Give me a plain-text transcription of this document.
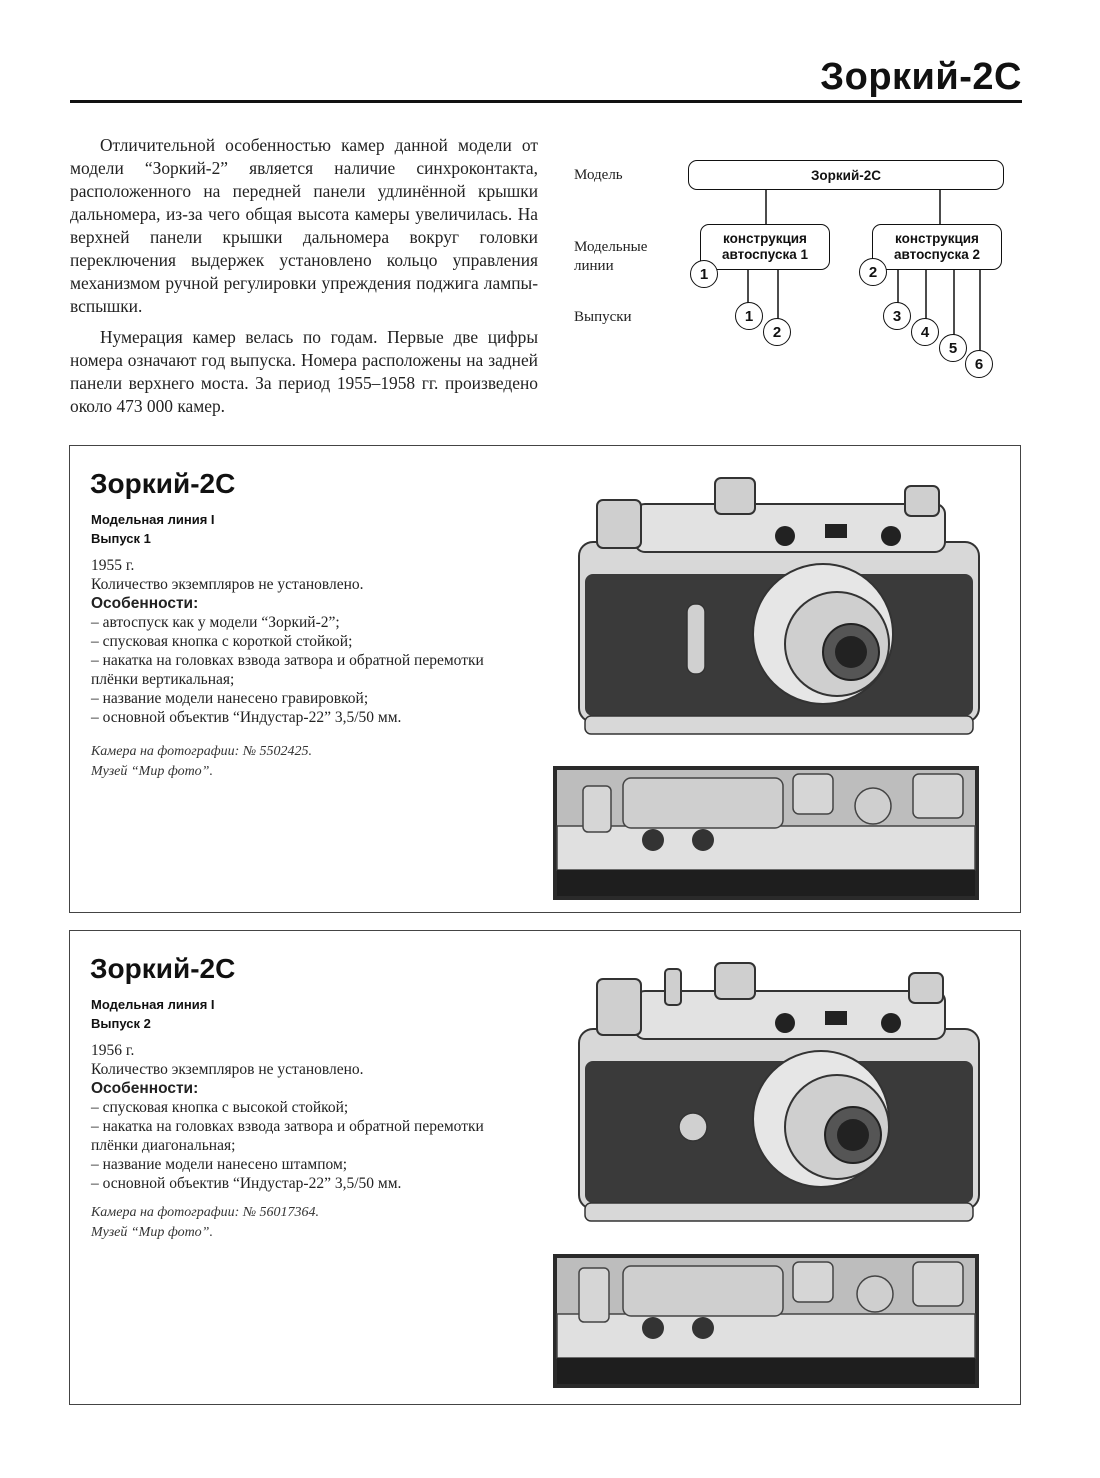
Зоркий-2С

Отличительной особенностью камер данной модели от модели “Зоркий-2” является наличие синхроконтакта, расположенного на передней панели удлинённой крышки дальномера, из-за чего общая высота камеры увеличилась. На верхней панели крышки дальномера вокруг головки переключения выдержек установлено кольцо управления механизмом ручной регулировки упреждения поджига лампы-вспышки.

Нумерация камер велась по годам. Первые две цифры номера означают год выпуска. Номера расположены на задней панели верхнего моста. За период 1955–1958 гг. произведено около 473 000 камер.

Модель
Модельные линии
Выпуски
Зоркий-2С
конструкция
автоспуска 1
конструкция
автоспуска 2
1	2
1
2
3
4
5
6
Зоркий-2С
Модельная линия I
Выпуск 1

1955 г.

Количество экземпляров не установлено.

Особенности:

– автоспуск как у модели “Зоркий-2”;
– спусковая кнопка с короткой стойкой;
– накатка на головках взвода затвора и обратной перемотки плёнки вертикальная;
– название модели нанесено гравировкой;
– основной объектив “Индустар-22” 3,5/50 мм.
Камера на фотографии: № 5502425.
Музей “Мир фото”.
Зоркий-2С
Модельная линия I
Выпуск 2

1956 г.

Количество экземпляров не установлено.

Особенности:

– спусковая кнопка с высокой стойкой;
– накатка на головках взвода затвора и обратной перемотки плёнки диагональная;
– название модели нанесено штампом;
– основной объектив “Индустар-22” 3,5/50 мм.
Камера на фотографии: № 56017364.
Музей “Мир фото”.
